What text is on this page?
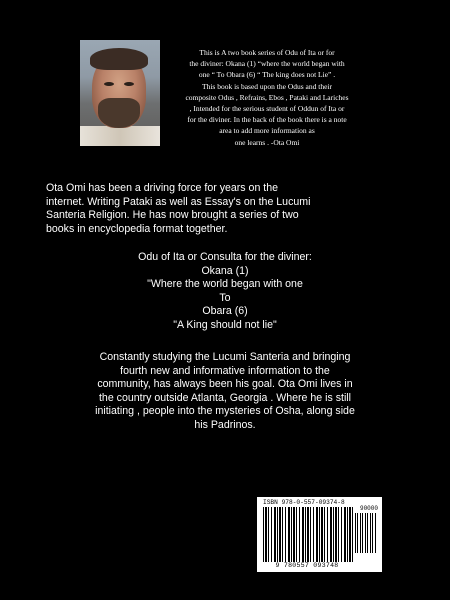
This is A two book series of Odu of Ita or for
the diviner: Okana (1) “where the world began with
one “ To Obara (6) “ The king does not Lie” .
This book is based upon the Odus and their
composite Odus , Refrains, Ebos , Pataki and Lariches
, Intended for the serious student of Oddun of Ita or
for the diviner. In the back of the book there is a note
area to add more information as
one learns . -Ota Omi
Ota Omi has been a driving force for years on the
internet. Writing Pataki as well as Essay's on the Lucumi
Santeria Religion. He has now brought a series of two
books in encyclopedia format together.
Odu of Ita or Consulta for the diviner:
Okana (1)
"Where the world began with one
To
Obara (6)
"A King should not lie"
Constantly studying the Lucumi Santeria and bringing
fourth new and informative information to the
community, has always been his goal. Ota Omi lives in
the country outside Atlanta, Georgia . Where he is still
initiating , people into the mysteries of Osha, along side
his Padrinos.
ISBN 978-0-557-09374-8
90000
9 780557 093748
